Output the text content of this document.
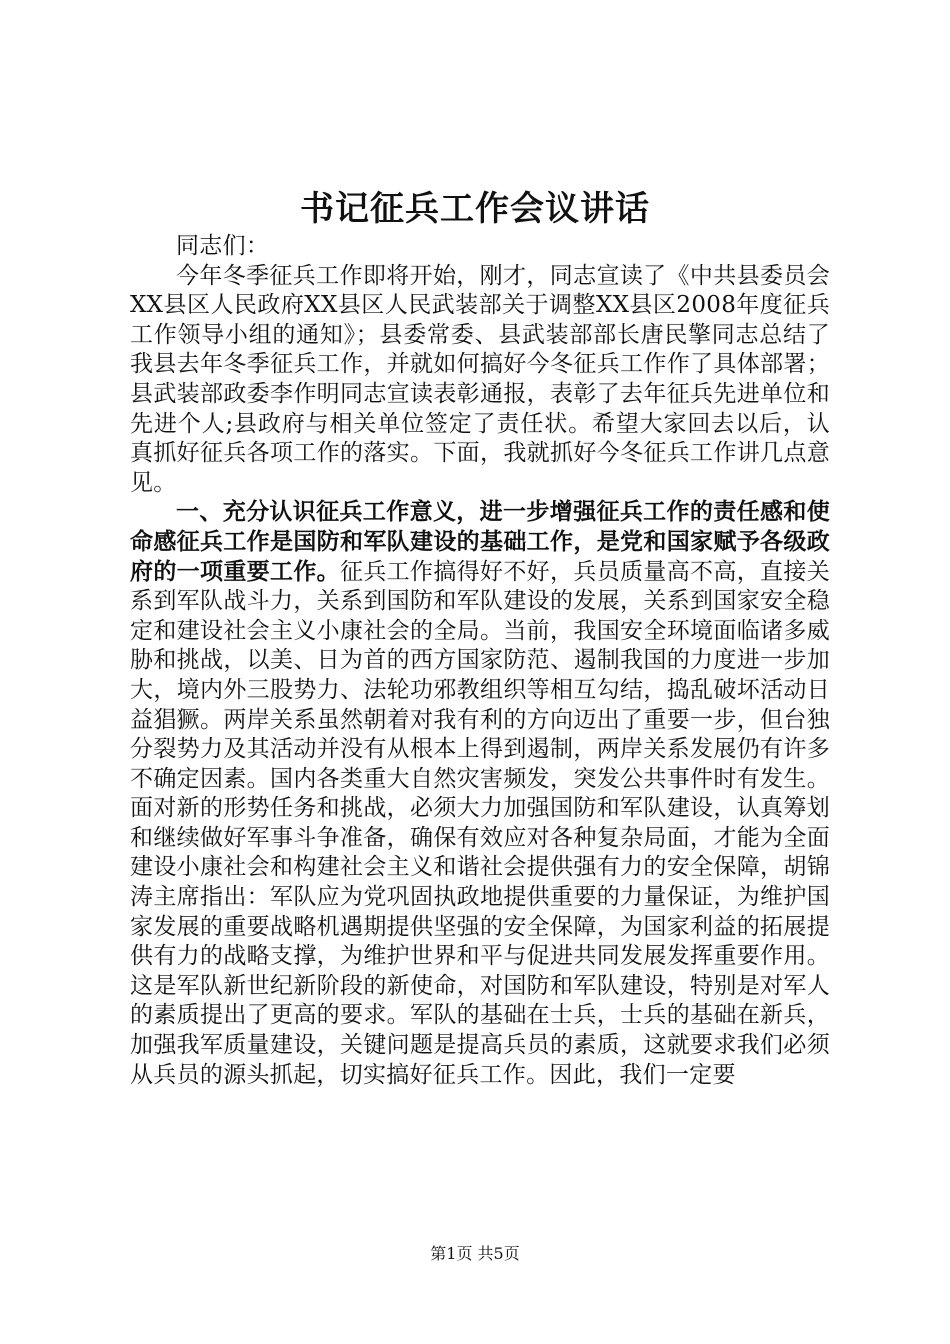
书记征兵工作会议讲话

同志们：

今年冬季征兵工作即将开始，刚才，同志宣读了《中共县委员会XX县区人民政府XX县区人民武装部关于调整XX县区2008年度征兵工作领导小组的通知》；县委常委、县武装部部长唐民擎同志总结了我县去年冬季征兵工作，并就如何搞好今冬征兵工作作了具体部署；县武装部政委李作明同志宣读表彰通报，表彰了去年征兵先进单位和先进个人;县政府与相关单位签定了责任状。希望大家回去以后，认真抓好征兵各项工作的落实。下面，我就抓好今冬征兵工作讲几点意见。

一、充分认识征兵工作意义，进一步增强征兵工作的责任感和使命感征兵工作是国防和军队建设的基础工作，是党和国家赋予各级政府的一项重要工作。征兵工作搞得好不好，兵员质量高不高，直接关系到军队战斗力，关系到国防和军队建设的发展，关系到国家安全稳定和建设社会主义小康社会的全局。当前，我国安全环境面临诸多威胁和挑战，以美、日为首的西方国家防范、遏制我国的力度进一步加大，境内外三股势力、法轮功邪教组织等相互勾结，捣乱破坏活动日益猖獗。两岸关系虽然朝着对我有利的方向迈出了重要一步，但台独分裂势力及其活动并没有从根本上得到遏制，两岸关系发展仍有许多不确定因素。国内各类重大自然灾害频发，突发公共事件时有发生。面对新的形势任务和挑战，必须大力加强国防和军队建设，认真筹划和继续做好军事斗争准备，确保有效应对各种复杂局面，才能为全面建设小康社会和构建社会主义和谐社会提供强有力的安全保障，胡锦涛主席指出：军队应为党巩固执政地提供重要的力量保证，为维护国家发展的重要战略机遇期提供坚强的安全保障，为国家利益的拓展提供有力的战略支撑，为维护世界和平与促进共同发展发挥重要作用。这是军队新世纪新阶段的新使命，对国防和军队建设，特别是对军人的素质提出了更高的要求。军队的基础在士兵，士兵的基础在新兵，加强我军质量建设，关键问题是提高兵员的素质，这就要求我们必须从兵员的源头抓起，切实搞好征兵工作。因此，我们一定要

第1页 共5页
